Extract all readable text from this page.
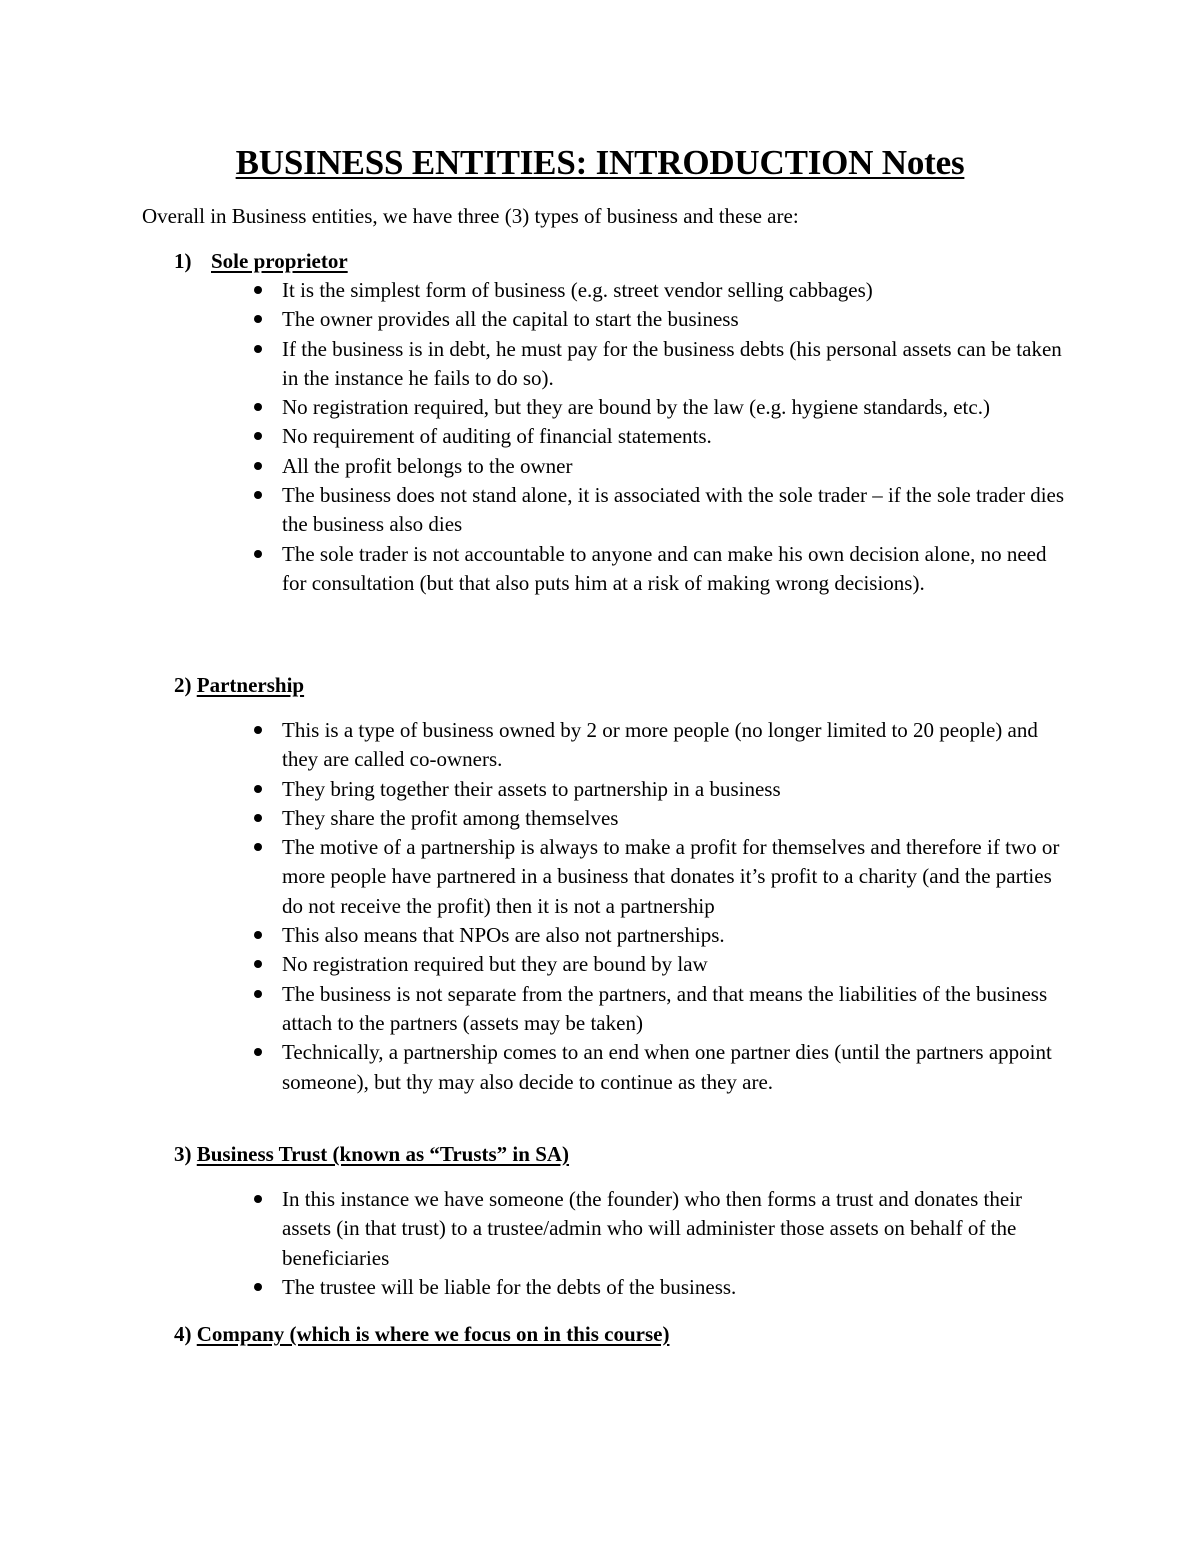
BUSINESS ENTITIES: INTRODUCTION Notes

Overall in Business entities, we have three (3) types of business and these are:

1) Sole proprietor

It is the simplest form of business (e.g. street vendor selling cabbages)
The owner provides all the capital to start the business
If the business is in debt, he must pay for the business debts (his personal assets can be taken in the instance he fails to do so).
No registration required, but they are bound by the law (e.g. hygiene standards, etc.)
No requirement of auditing of financial statements.
All the profit belongs to the owner
The business does not stand alone, it is associated with the sole trader – if the sole trader dies the business also dies
The sole trader is not accountable to anyone and can make his own decision alone, no need for consultation (but that also puts him at a risk of making wrong decisions).

2) Partnership

This is a type of business owned by 2 or more people (no longer limited to 20 people) and they are called co-owners.
They bring together their assets to partnership in a business
They share the profit among themselves
The motive of a partnership is always to make a profit for themselves and therefore if two or more people have partnered in a business that donates it’s profit to a charity (and the parties do not receive the profit) then it is not a partnership
This also means that NPOs are also not partnerships.
No registration required but they are bound by law
The business is not separate from the partners, and that means the liabilities of the business attach to the partners (assets may be taken)
Technically, a partnership comes to an end when one partner dies (until the partners appoint someone), but thy may also decide to continue as they are.

3) Business Trust (known as “Trusts” in SA)

In this instance we have someone (the founder) who then forms a trust and donates their assets (in that trust) to a trustee/admin who will administer those assets on behalf of the beneficiaries
The trustee will be liable for the debts of the business.

4) Company (which is where we focus on in this course)
